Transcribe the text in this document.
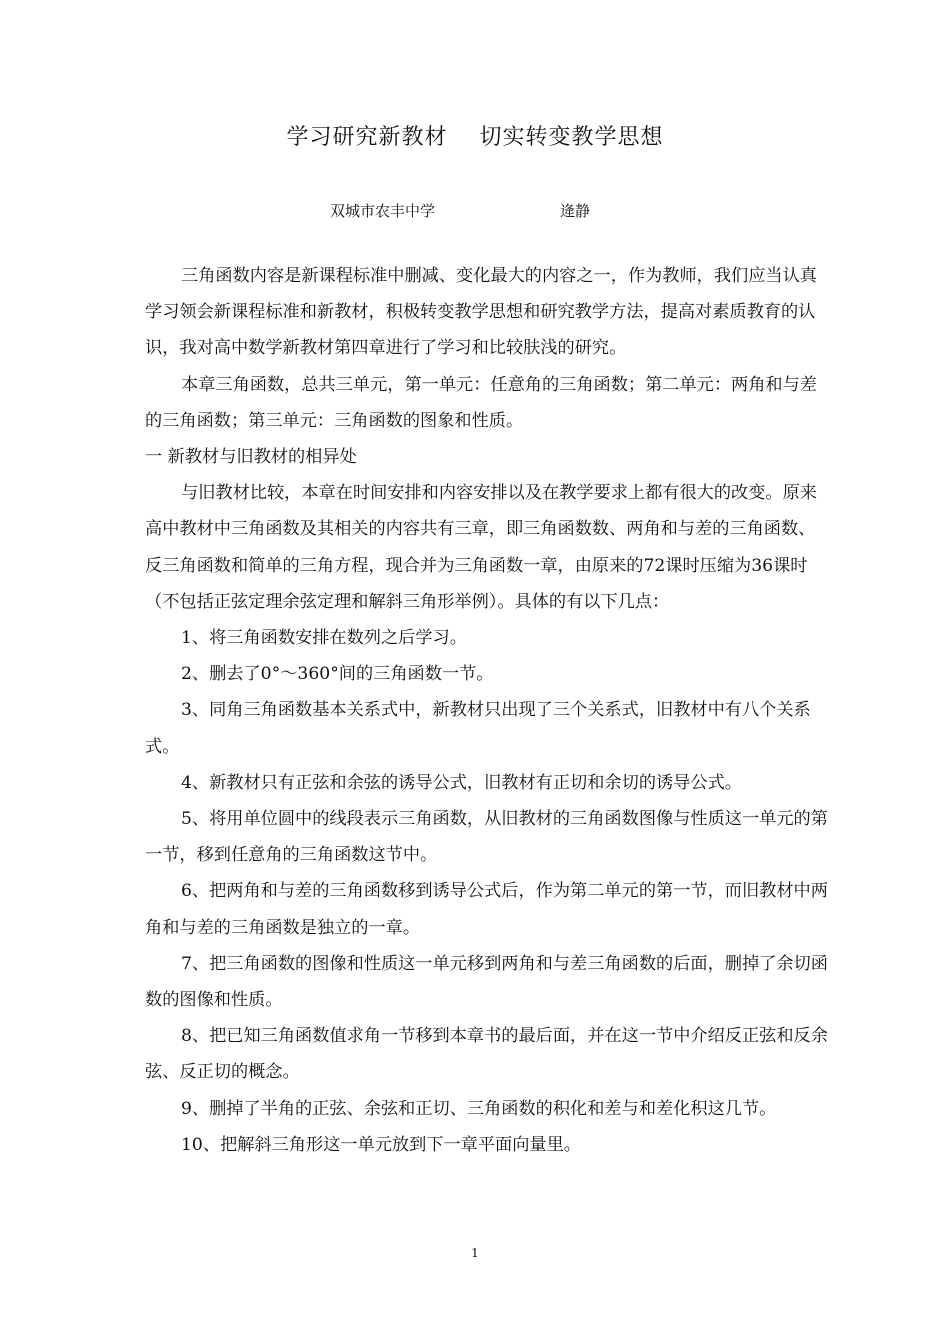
学习研究新教材    切实转变教学思想
双城市农丰中学	逄静

三角函数内容是新课程标准中删减、变化最大的内容之一，作为教师，我们应当认真学习领会新课程标准和新教材，积极转变教学思想和研究教学方法，提高对素质教育的认识，我对高中数学新教材第四章进行了学习和比较肤浅的研究。

本章三角函数，总共三单元，第一单元：任意角的三角函数；第二单元：两角和与差的三角函数；第三单元：三角函数的图象和性质。

一 新教材与旧教材的相异处

与旧教材比较，本章在时间安排和内容安排以及在教学要求上都有很大的改变。原来高中教材中三角函数及其相关的内容共有三章，即三角函数数、两角和与差的三角函数、反三角函数和简单的三角方程，现合并为三角函数一章，由原来的72课时压缩为36课时（不包括正弦定理余弦定理和解斜三角形举例）。具体的有以下几点：

1、将三角函数安排在数列之后学习。

2、删去了0°～360°间的三角函数一节。

3、同角三角函数基本关系式中，新教材只出现了三个关系式，旧教材中有八个关系式。

4、新教材只有正弦和余弦的诱导公式，旧教材有正切和余切的诱导公式。

5、将用单位圆中的线段表示三角函数，从旧教材的三角函数图像与性质这一单元的第一节，移到任意角的三角函数这节中。

6、把两角和与差的三角函数移到诱导公式后，作为第二单元的第一节，而旧教材中两角和与差的三角函数是独立的一章。

7、把三角函数的图像和性质这一单元移到两角和与差三角函数的后面，删掉了余切函数的图像和性质。

8、把已知三角函数值求角一节移到本章书的最后面，并在这一节中介绍反正弦和反余弦、反正切的概念。

9、删掉了半角的正弦、余弦和正切、三角函数的积化和差与和差化积这几节。

10、把解斜三角形这一单元放到下一章平面向量里。

1
